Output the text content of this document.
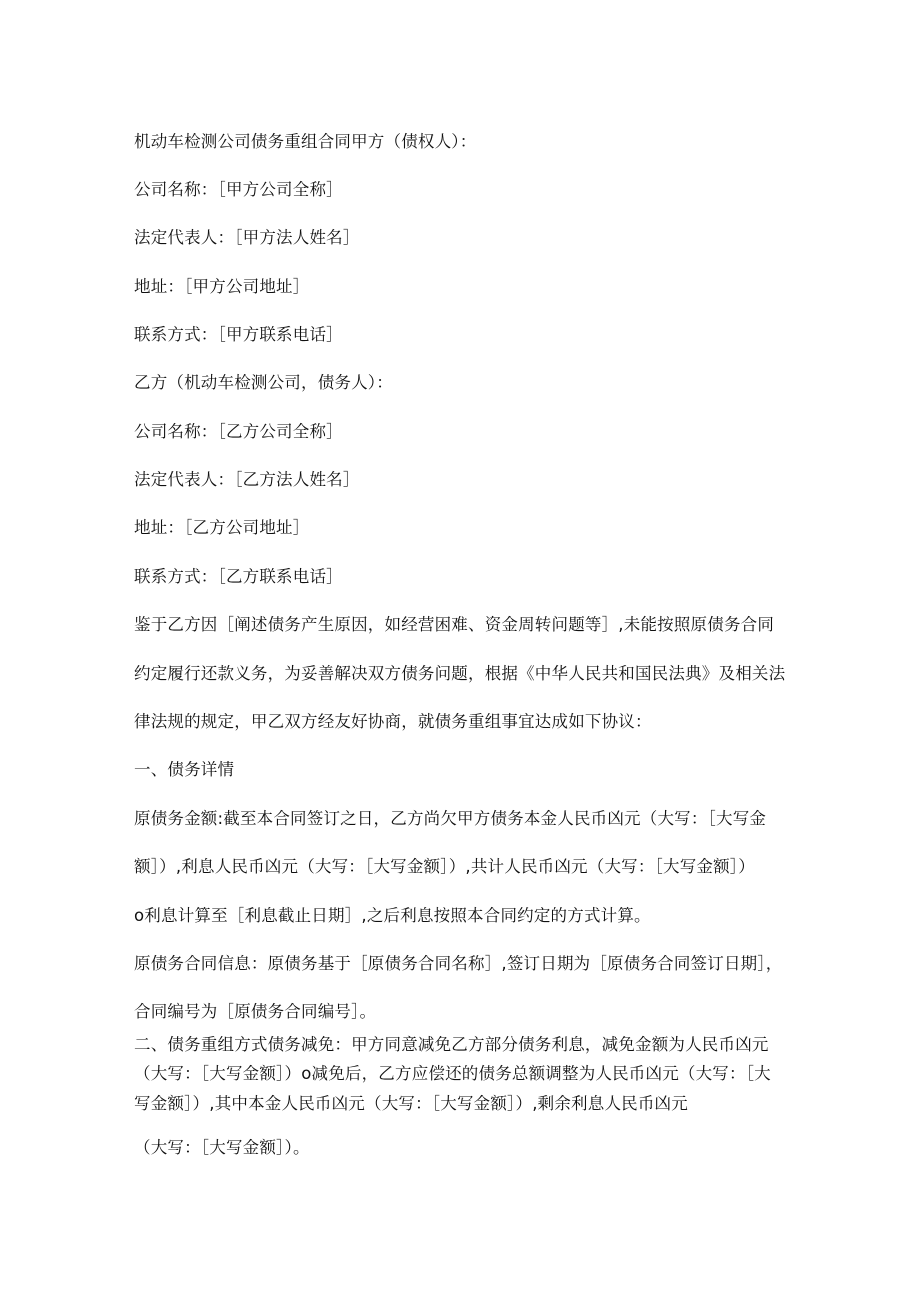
机动车检测公司债务重组合同甲方（债权人）：
公司名称：［甲方公司全称］
法定代表人：［甲方法人姓名］
地址：［甲方公司地址］
联系方式：［甲方联系电话］
乙方（机动车检测公司，债务人）：
公司名称：［乙方公司全称］
法定代表人：［乙方法人姓名］
地址：［乙方公司地址］
联系方式：［乙方联系电话］
鉴于乙方因［阐述债务产生原因，如经营困难、资金周转问题等］,未能按照原债务合同
约定履行还款义务，为妥善解决双方债务问题，根据《中华人民共和国民法典》及相关法
律法规的规定，甲乙双方经友好协商，就债务重组事宜达成如下协议：
一、债务详情
原债务金额:截至本合同签订之日，乙方尚欠甲方债务本金人民币凶元（大写：［大写金
额］）,利息人民币凶元（大写：［大写金额］）,共计人民币凶元（大写：［大写金额］）
o利息计算至［利息截止日期］,之后利息按照本合同约定的方式计算。
原债务合同信息：原债务基于［原债务合同名称］,签订日期为［原债务合同签订日期］，
合同编号为［原债务合同编号］。
二、债务重组方式债务减免：甲方同意减免乙方部分债务利息，减免金额为人民币凶元
（大写：［大写金额］）o减免后，乙方应偿还的债务总额调整为人民币凶元（大写：［大
写金额］）,其中本金人民币凶元（大写：［大写金额］）,剩余利息人民币凶元
（大写：［大写金额］）。
